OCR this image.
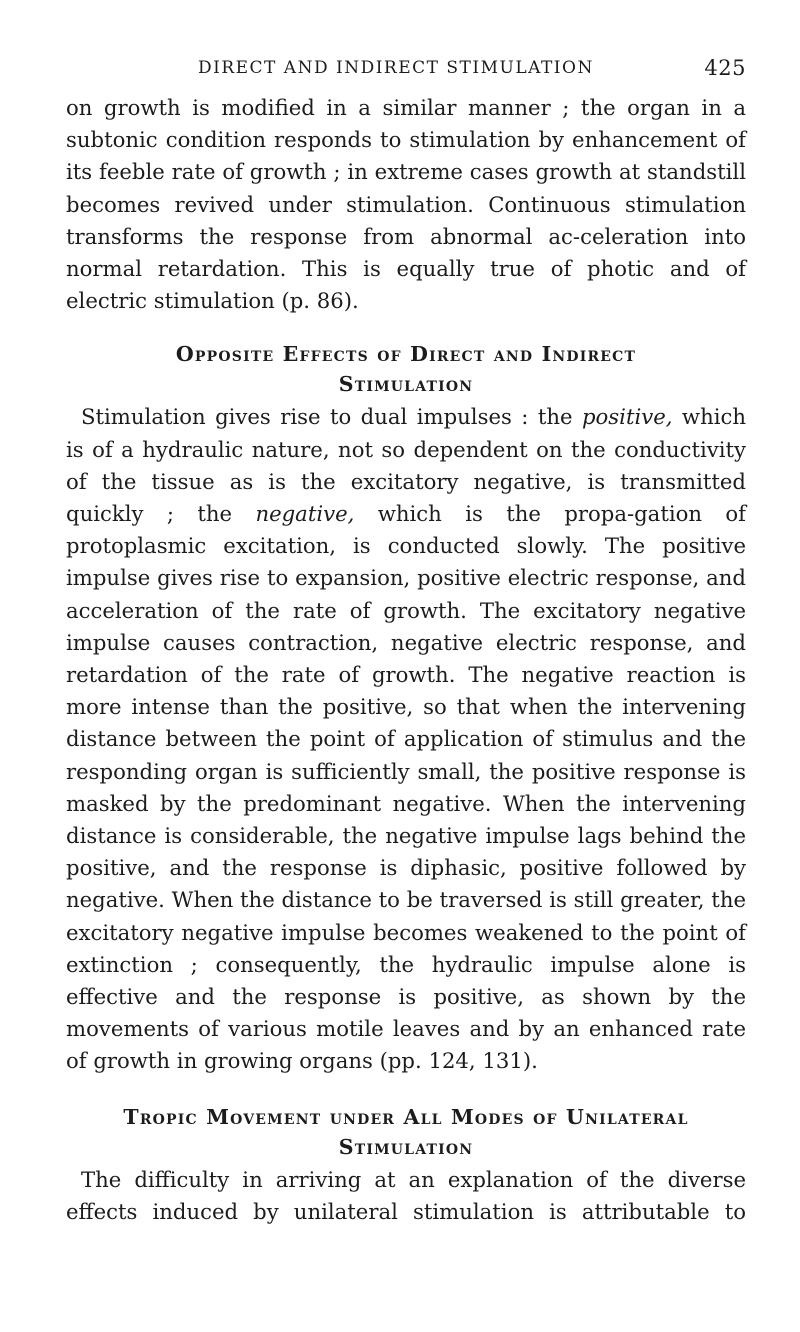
DIRECT AND INDIRECT STIMULATION	425

on growth is modified in a similar manner ; the organ in a subtonic condition responds to stimulation by enhancement of its feeble rate of growth ; in extreme cases growth at standstill becomes revived under stimulation. Continuous stimulation transforms the response from abnormal ac-celeration into normal retardation. This is equally true of photic and of electric stimulation (p. 86).

Opposite Effects of Direct and Indirect
Stimulation

Stimulation gives rise to dual impulses : the positive, which is of a hydraulic nature, not so dependent on the conductivity of the tissue as is the excitatory negative, is transmitted quickly ; the negative, which is the propa-gation of protoplasmic excitation, is conducted slowly. The positive impulse gives rise to expansion, positive electric response, and acceleration of the rate of growth. The excitatory negative impulse causes contraction, negative electric response, and retardation of the rate of growth. The negative reaction is more intense than the positive, so that when the intervening distance between the point of application of stimulus and the responding organ is sufficiently small, the positive response is masked by the predominant negative. When the intervening distance is considerable, the negative impulse lags behind the positive, and the response is diphasic, positive followed by negative. When the distance to be traversed is still greater, the excitatory negative impulse becomes weakened to the point of extinction ; consequently, the hydraulic impulse alone is effective and the response is positive, as shown by the movements of various motile leaves and by an enhanced rate of growth in growing organs (pp. 124, 131).

Tropic Movement under All Modes of Unilateral
Stimulation

The difficulty in arriving at an explanation of the diverse effects induced by unilateral stimulation is attributable to
